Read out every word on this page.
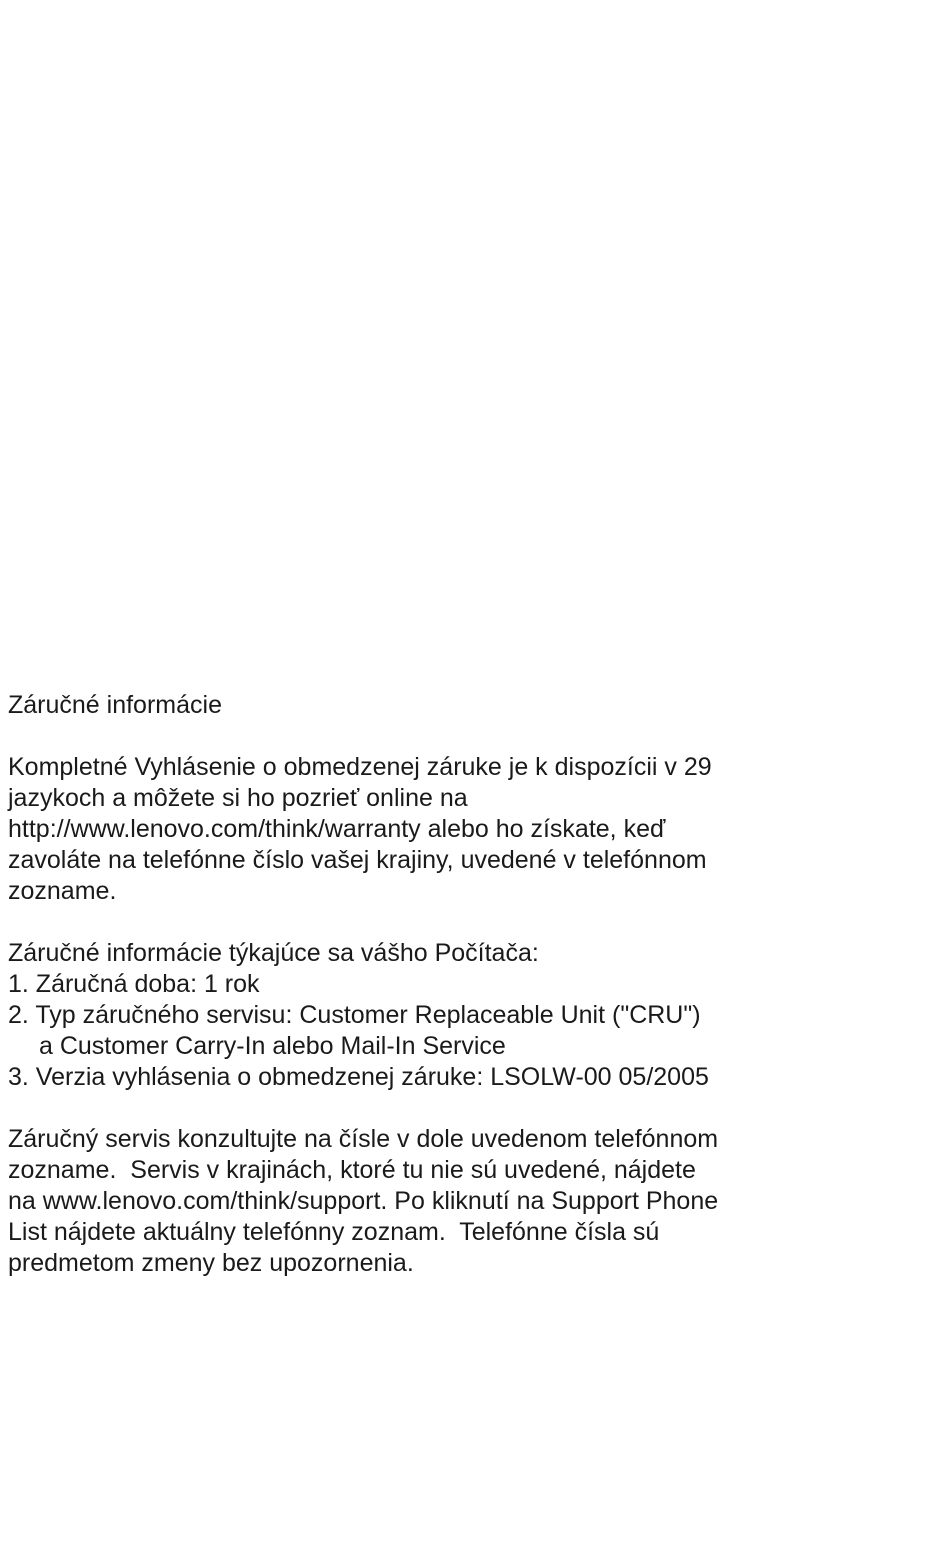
Záručné informácie
Kompletné Vyhlásenie o obmedzenej záruke je k dispozícii v 29
jazykoch a môžete si ho pozrieť online na
http://www.lenovo.com/think/warranty alebo ho získate, keď
zavoláte na telefónne číslo vašej krajiny, uvedené v telefónnom
zozname.
Záručné informácie týkajúce sa vášho Počítača:
1. Záručná doba: 1 rok
2. Typ záručného servisu: Customer Replaceable Unit ("CRU")
a Customer Carry-In alebo Mail-In Service
3. Verzia vyhlásenia o obmedzenej záruke: LSOLW-00 05/2005
Záručný servis konzultujte na čísle v dole uvedenom telefónnom
zozname.  Servis v krajinách, ktoré tu nie sú uvedené, nájdete
na www.lenovo.com/think/support. Po kliknutí na Support Phone
List nájdete aktuálny telefónny zoznam.  Telefónne čísla sú
predmetom zmeny bez upozornenia.
